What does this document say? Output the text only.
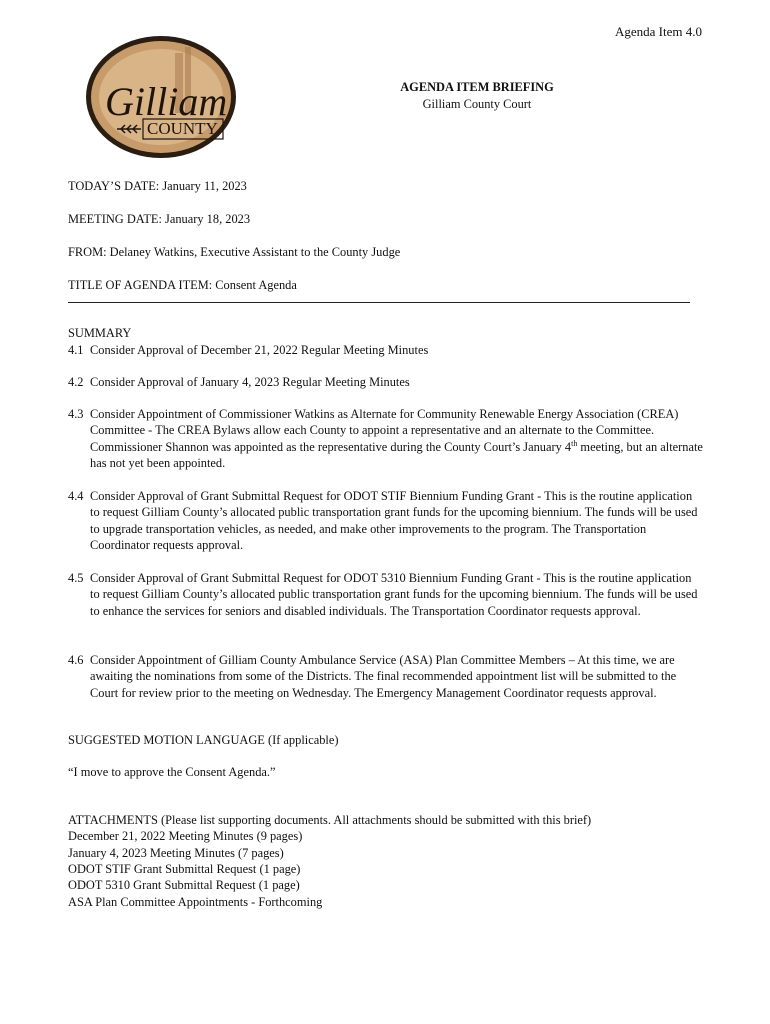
Agenda Item 4.0
Gilliam
COUNTY
AGENDA ITEM BRIEFING
Gilliam County Court
TODAY’S DATE: January 11, 2023
MEETING DATE: January 18, 2023
FROM: Delaney Watkins, Executive Assistant to the County Judge
TITLE OF AGENDA ITEM: Consent Agenda
SUMMARY
4.1 Consider Approval of December 21, 2022 Regular Meeting Minutes
4.2 Consider Approval of January 4, 2023 Regular Meeting Minutes
4.3 Consider Appointment of Commissioner Watkins as Alternate for Community Renewable Energy Association (CREA) Committee - The CREA Bylaws allow each County to appoint a representative and an alternate to the Committee. Commissioner Shannon was appointed as the representative during the County Court’s January 4th meeting, but an alternate has not yet been appointed.
4.4 Consider Approval of Grant Submittal Request for ODOT STIF Biennium Funding Grant - This is the routine application to request Gilliam County’s allocated public transportation grant funds for the upcoming biennium. The funds will be used to upgrade transportation vehicles, as needed, and make other improvements to the program. The Transportation Coordinator requests approval.
4.5 Consider Approval of Grant Submittal Request for ODOT 5310 Biennium Funding Grant - This is the routine application to request Gilliam County’s allocated public transportation grant funds for the upcoming biennium. The funds will be used to enhance the services for seniors and disabled individuals. The Transportation Coordinator requests approval.
4.6 Consider Appointment of Gilliam County Ambulance Service (ASA) Plan Committee Members – At this time, we are awaiting the nominations from some of the Districts. The final recommended appointment list will be submitted to the Court for review prior to the meeting on Wednesday. The Emergency Management Coordinator requests approval.
SUGGESTED MOTION LANGUAGE (If applicable)
“I move to approve the Consent Agenda.”
ATTACHMENTS (Please list supporting documents. All attachments should be submitted with this brief)
December 21, 2022 Meeting Minutes (9 pages)
January 4, 2023 Meeting Minutes (7 pages)
ODOT STIF Grant Submittal Request (1 page)
ODOT 5310 Grant Submittal Request (1 page)
ASA Plan Committee Appointments - Forthcoming
